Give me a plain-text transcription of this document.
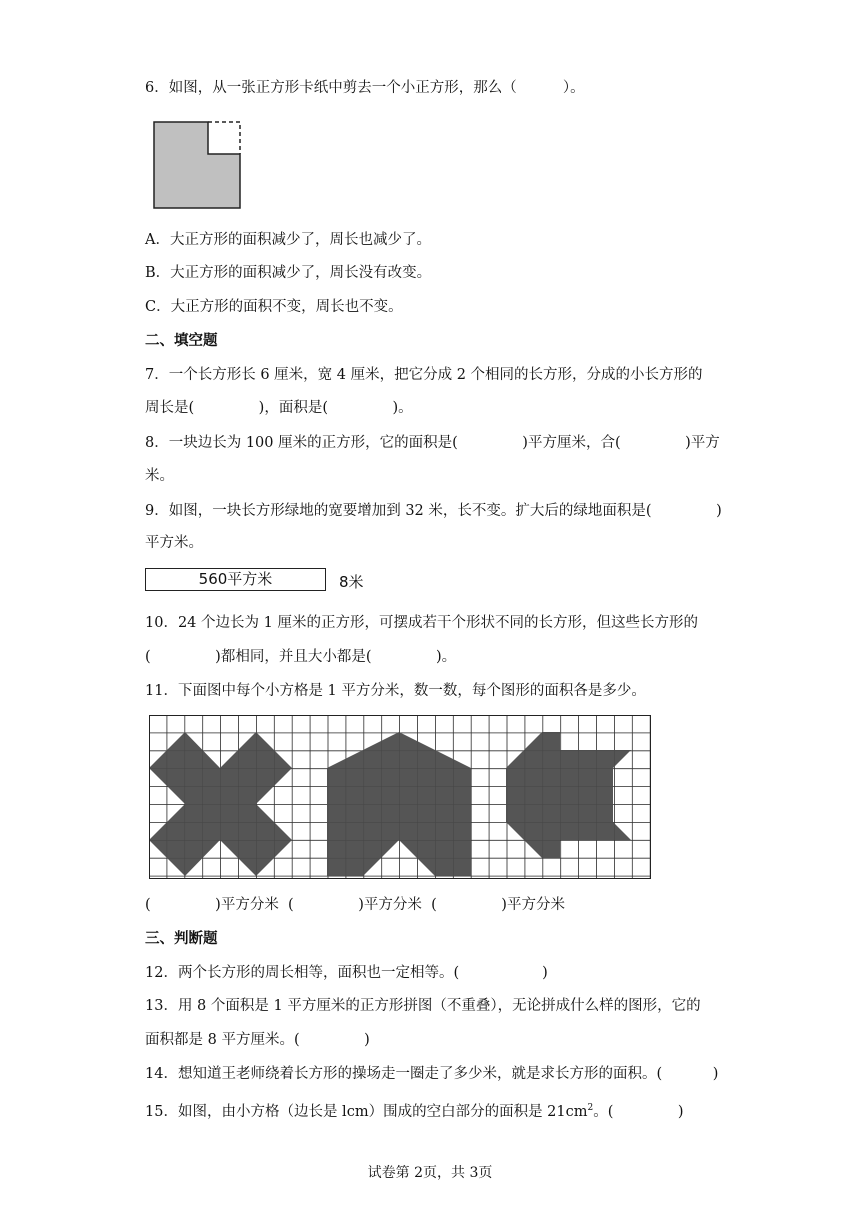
6．如图，从一张正方形卡纸中剪去一个小正方形，那么（          ）。
A．大正方形的面积减少了，周长也减少了。
B．大正方形的面积减少了，周长没有改变。
C．大正方形的面积不变，周长也不变。
二、填空题
7．一个长方形长 6 厘米，宽 4 厘米，把它分成 2 个相同的长方形，分成的小长方形的
周长是(              )，面积是(              )。
8．一块边长为 100 厘米的正方形，它的面积是(              )平方厘米，合(              )平方
米。
9．如图，一块长方形绿地的宽要增加到 32 米，长不变。扩大后的绿地面积是(              )
平方米。
560平方米	8米
10．24 个边长为 1 厘米的正方形，可摆成若干个形状不同的长方形，但这些长方形的
(              )都相同，并且大小都是(              )。
11．下面图中每个小方格是 1 平方分米，数一数，每个图形的面积各是多少。
(              )平方分米  (              )平方分米  (              )平方分米
三、判断题
12．两个长方形的周长相等，面积也一定相等。(                  )
13．用 8 个面积是 1 平方厘米的正方形拼图（不重叠），无论拼成什么样的图形，它的
面积都是 8 平方厘米。(              )
14．想知道王老师绕着长方形的操场走一圈走了多少米，就是求长方形的面积。(           )
15．如图，由小方格（边长是 lcm）围成的空白部分的面积是 $21cm^2$。(              )
试卷第 2页，共 3页
